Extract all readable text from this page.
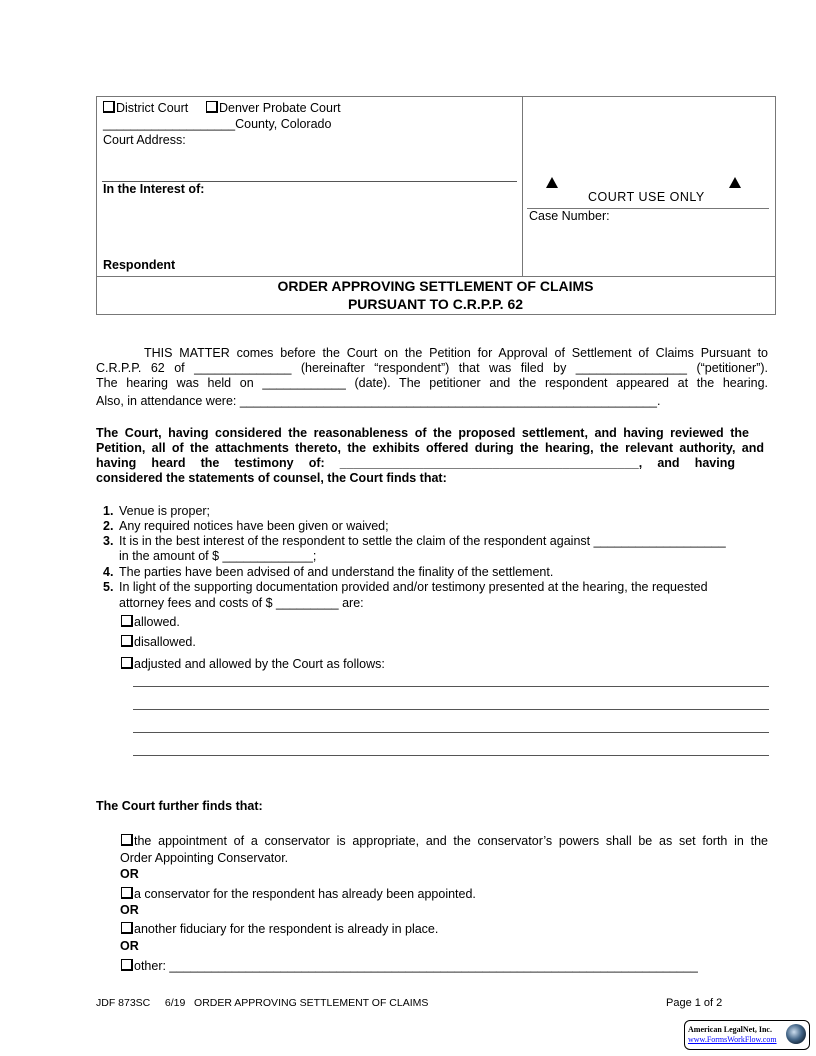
District Court	Denver Probate Court
___________________County, Colorado
Court Address:
In the Interest of:
Respondent
COURT USE ONLY
Case Number:
ORDER APPROVING SETTLEMENT OF CLAIMS
PURSUANT TO C.R.P.P. 62
THIS MATTER comes before the Court on the Petition for Approval of Settlement of Claims Pursuant to
C.R.P.P. 62 of ______________ (hereinafter “respondent”) that was filed by ________________ (“petitioner”).
The hearing was held on ____________ (date). The petitioner and the respondent appeared at the hearing.
Also, in attendance were: ____________________________________________________________.
The Court, having considered the reasonableness of the proposed settlement, and having reviewed the
Petition, all of the attachments thereto, the exhibits offered during the hearing, the relevant authority, and
having heard the testimony of: ___________________________________________, and having
considered the statements of counsel, the Court finds that:
1. Venue is proper;
2. Any required notices have been given or waived;
3. It is in the best interest of the respondent to settle the claim of the respondent against ___________________
in the amount of $ _____________;
4. The parties have been advised of and understand the finality of the settlement.
5. In light of the supporting documentation provided and/or testimony presented at the hearing, the requested
attorney fees and costs of $ _________ are:
allowed.
disallowed.
adjusted and allowed by the Court as follows:
The Court further finds that:
the appointment of a conservator is appropriate, and the conservator’s powers shall be as set forth in the
Order Appointing Conservator.
OR
a conservator for the respondent has already been appointed.
OR
another fiduciary for the respondent is already in place.
OR
other: ____________________________________________________________________________
JDF 873SC     6/19   ORDER APPROVING SETTLEMENT OF CLAIMS	Page 1 of 2
American LegalNet, Inc.
www.FormsWorkFlow.com
